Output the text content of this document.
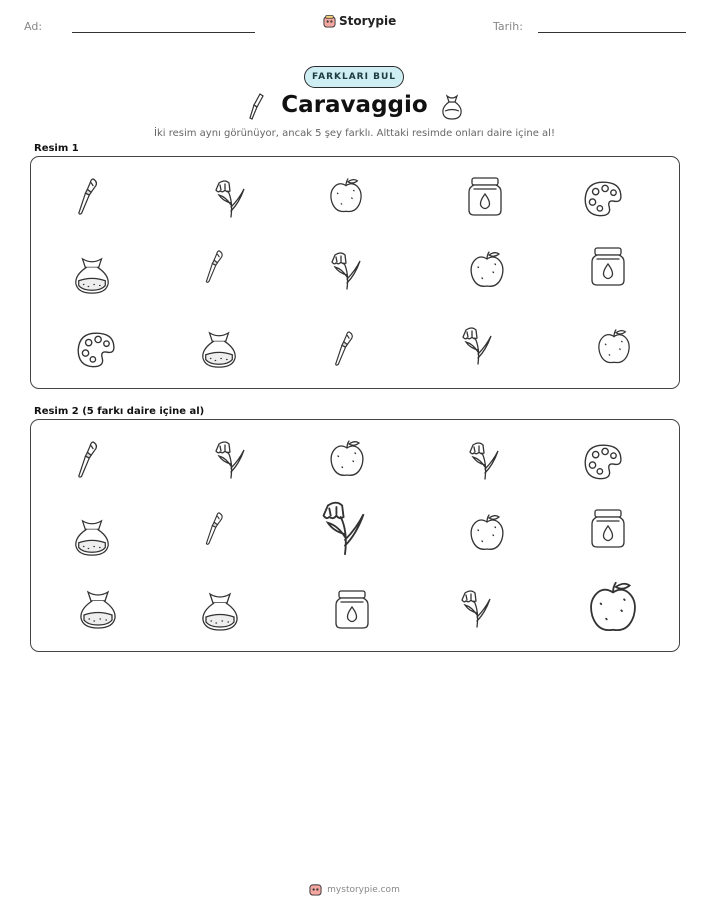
Ad:	Storypie	Tarih:
FARKLARI BUL
Caravaggio
İki resim aynı görünüyor, ancak 5 şey farklı. Alttaki resimde onları daire içine al!
Resim 1
Resim 2 (5 farkı daire içine al)
mystorypie.com
